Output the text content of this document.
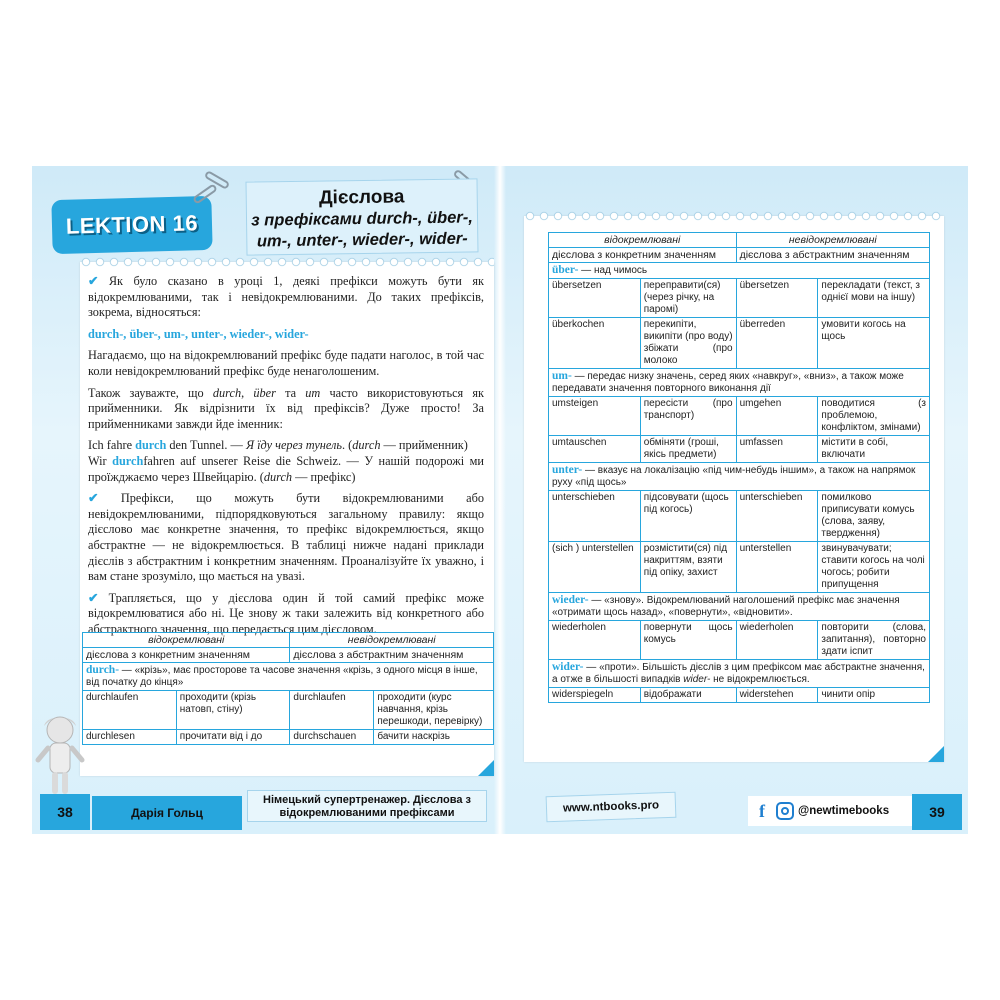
LEKTION 16
Дієслова
з префіксами durch-, über-,
um-, unter-, wieder-, wider-

✔ Як було сказано в уроці 1, деякі префікси можуть бути як відокремлюваними, так і невідокремлюваними. До таких префіксів, зокрема, відносяться:

durch-, über-, um-, unter-, wieder-, wider-

Нагадаємо, що на відокремлюваний префікс буде падати наголос, в той час коли невідокремлюваний префікс буде ненаголошеним.

Також зауважте, що durch, über та um часто використовуються як прийменники. Як відрізнити їх від префіксів? Дуже просто! За прийменниками завжди йде іменник:

Ich fahre durch den Tunnel. — Я їду через тунель. (durch — прийменник)

Wir durchfahren auf unserer Reise die Schweiz. — У нашій подорожі ми проїжджаємо через Швейцарію. (durch — префікс)

✔ Префікси, що можуть бути відокремлюваними або невідокремлюваними, підпорядковуються загальному правилу: якщо дієслово має конкретне значення, то префікс відокремлюється, якщо абстрактне — не відокремлюється. В таблиці нижче надані приклади дієслів з абстрактним і конкретним значенням. Проаналізуйте їх уважно, і вам стане зрозуміло, що мається на увазі.

✔ Трапляється, що у дієслова один й той самий префікс може відокремлюватися або ні. Це знову ж таки залежить від конкретного або абстрактного значення, що передається цим дієсловом.

відокремлювані		невідокремлювані	
дієслова з конкретним значенням		дієслова з абстрактним значенням	
durch- — «крізь», має просторове та часове значення «крізь, з одного місця в інше, від початку до кінця»			
durchlaufen	проходити (крізь натовп, стіну)	durchlaufen	проходити (курс навчання, крізь перешкоди, перевірку)
durchlesen	прочитати від і до	durchschauen	бачити наскрізь
38	Дарія Гольц
Німецький супертренажер. Дієслова з відокремлюваними префіксами
відокремлювані		невідокремлювані	
дієслова з конкретним значенням		дієслова з абстрактним значенням	
über- — над чимось			
übersetzen	переправити(ся) (через річку, на паромі)	übersetzen	перекладати (текст, з однієї мови на іншу)
überkochen	перекипіти, википіти (про воду) збіжати (про молоко	überreden	умовити когось на щось
um- — передає низку значень, серед яких «навкруг», «вниз», а також може передавати значення повторного виконання дії			
umsteigen	пересісти (про транспорт)	umgehen	поводитися (з проблемою, конфліктом, змінами)
umtauschen	обміняти (гроші, якісь предмети)	umfassen	містити в собі, включати
unter- — вказує на локалізацію «під чим-небудь іншим», а також на напрямок руху «під щось»			
unterschieben	підсовувати (щось під когось)	unterschieben	помилково приписувати комусь (слова, заяву, твердження)
(sich ) unterstellen	розмістити(ся) під накриттям, взяти під опіку, захист	unterstellen	звинувачувати; ставити когось на чолі чогось; робити припущення
wieder- — «знову». Відокремлюваний наголошений префікс має значення «отримати щось назад», «повернути», «відновити».			
wiederholen	повернути щось комусь	wiederholen	повторити (слова, запитання), повторно здати іспит
wider- — «проти». Більшість дієслів з цим префіксом має абстрактне значення, а отже в більшості випадків wider- не відокремлюється.			
widerspiegeln	відображати	widerstehen	чинити опір
www.ntbooks.pro	f	@newtimebooks	39
